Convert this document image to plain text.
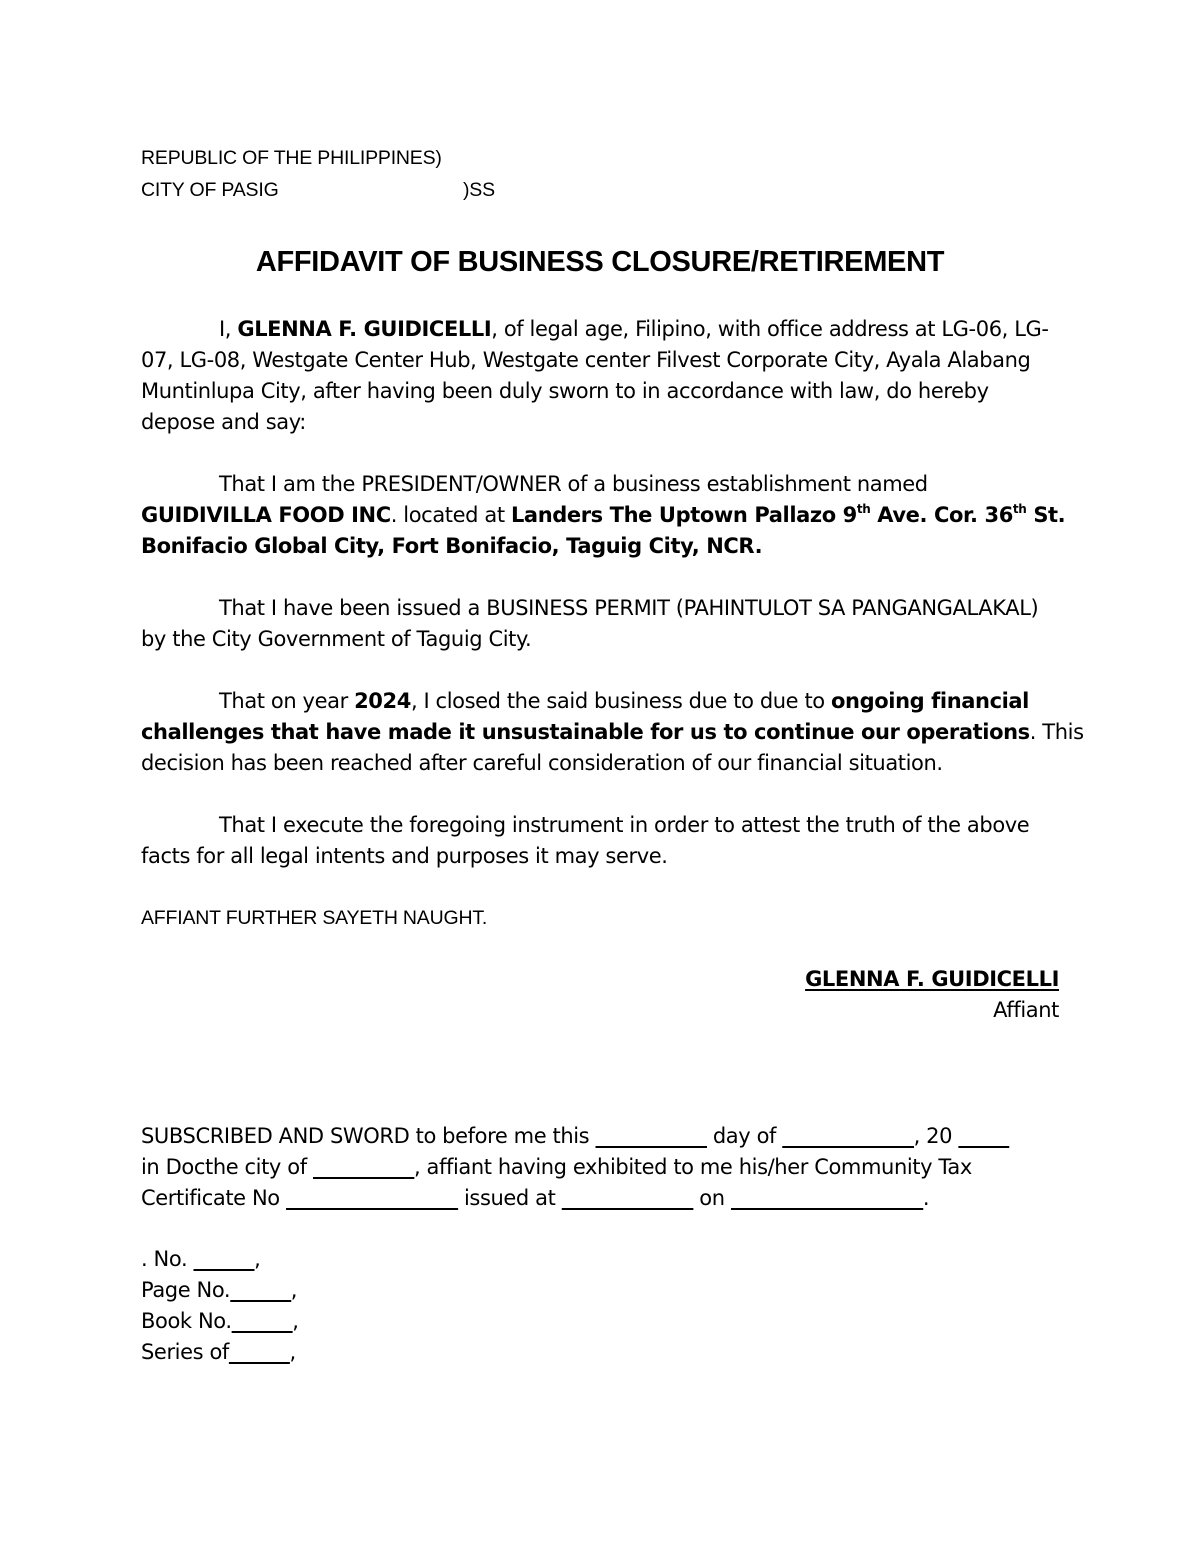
REPUBLIC OF THE PHILIPPINES)
CITY OF PASIG	)SS
AFFIDAVIT OF BUSINESS CLOSURE/RETIREMENT
I, GLENNA F. GUIDICELLI, of legal age, Filipino, with office address at LG-06, LG-
07, LG-08, Westgate Center Hub, Westgate center Filvest Corporate City, Ayala Alabang
Muntinlupa City, after having been duly sworn to in accordance with law, do hereby
depose and say:
That I am the PRESIDENT/OWNER of a business establishment named
GUIDIVILLA FOOD INC. located at Landers The Uptown Pallazo 9th Ave. Cor. 36th St.
Bonifacio Global City, Fort Bonifacio, Taguig City, NCR.
That I have been issued a BUSINESS PERMIT (PAHINTULOT SA PANGANGALAKAL)
by the City Government of Taguig City.
That on year 2024, I closed the said business due to due to ongoing financial
challenges that have made it unsustainable for us to continue our operations. This
decision has been reached after careful consideration of our financial situation.
That I execute the foregoing instrument in order to attest the truth of the above
facts for all legal intents and purposes it may serve.
AFFIANT FURTHER SAYETH NAUGHT.
GLENNA F. GUIDICELLI
Affiant
SUBSCRIBED AND SWORD to before me this ___________ day of _____________, 20 _____
in Docthe city of __________, affiant having exhibited to me his/her Community Tax
Certificate No _________________ issued at _____________ on ___________________.
. No. ______,
Page No.______,
Book No.______,
Series of______,
